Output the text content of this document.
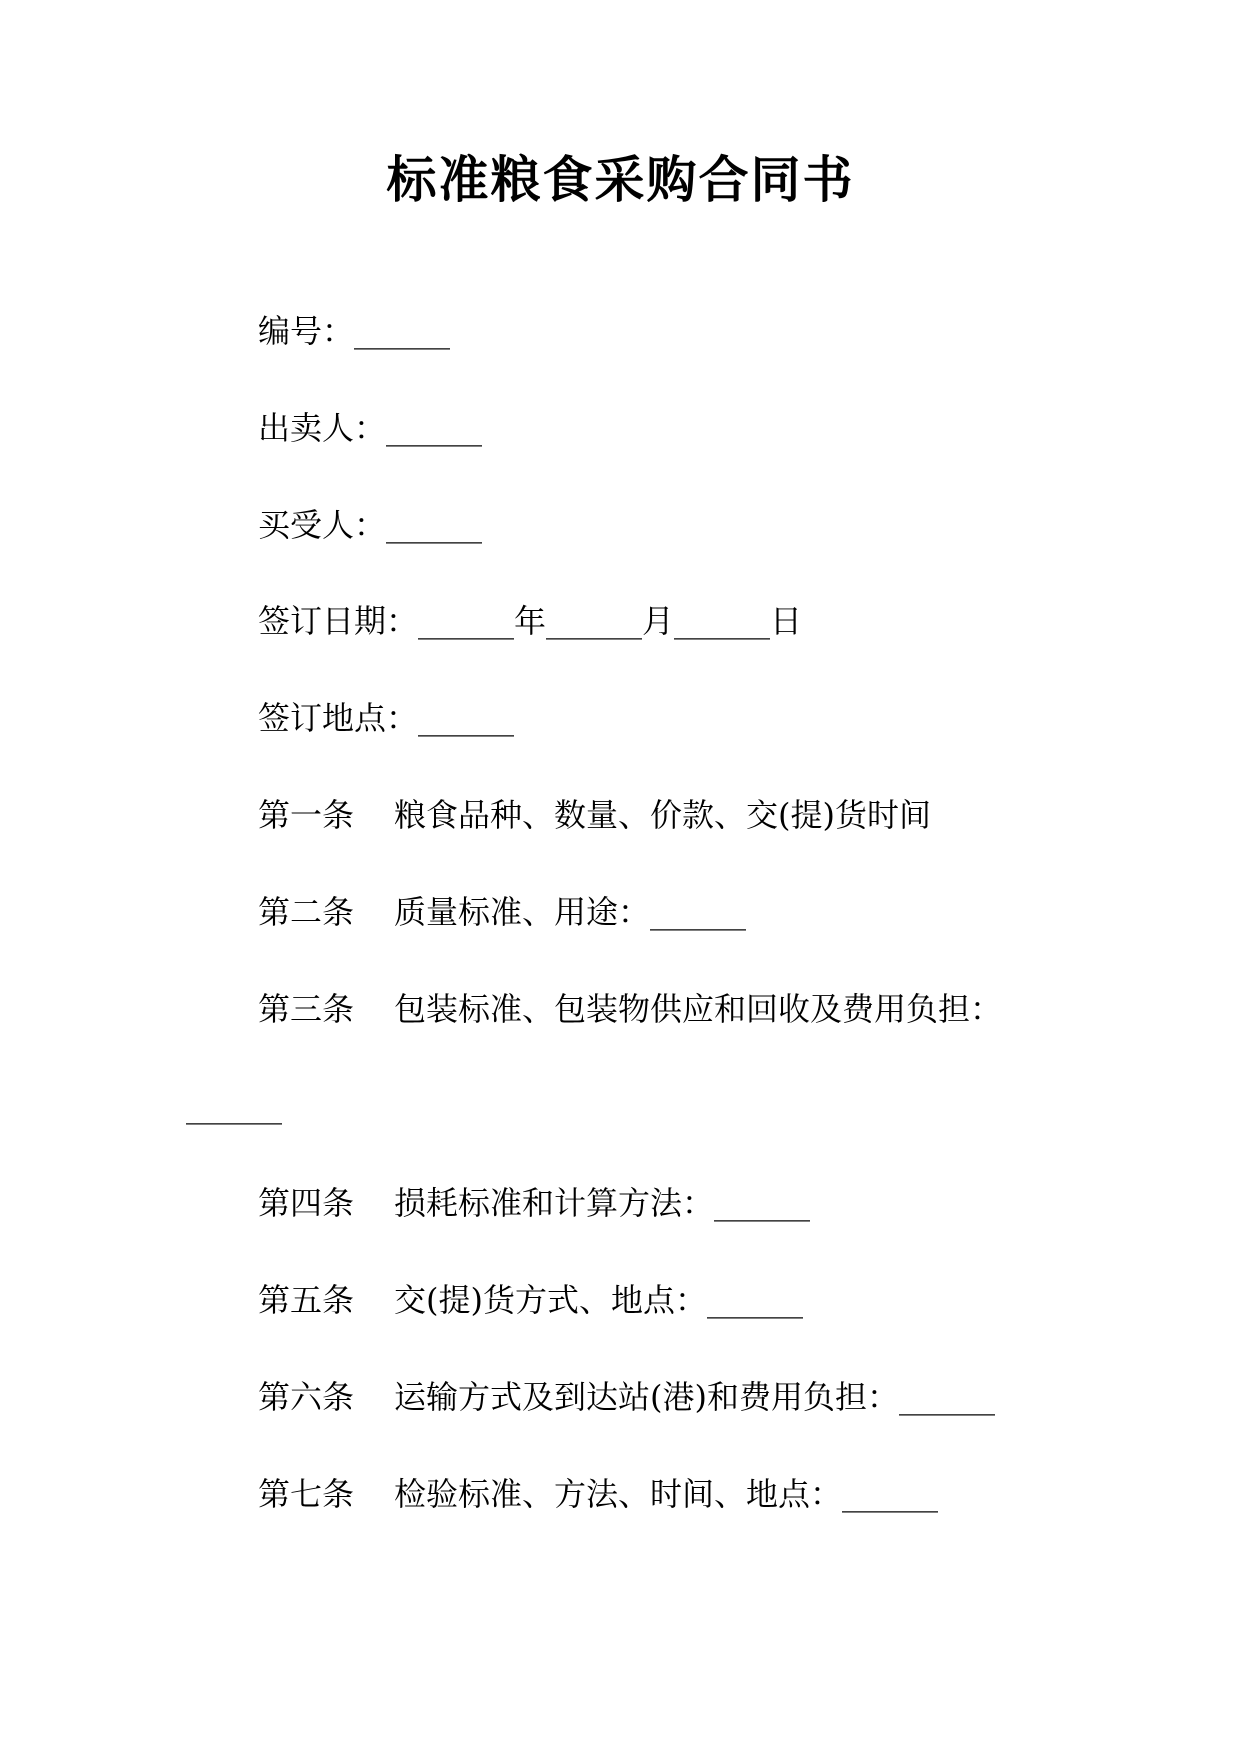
标准粮食采购合同书

编号：______

出卖人：______

买受人：______

签订日期：______年______月______日

签订地点：______

第一条 粮食品种、数量、价款、交(提)货时间

第二条 质量标准、用途：______

第三条 包装标准、包装物供应和回收及费用负担：

______

第四条 损耗标准和计算方法：______

第五条 交(提)货方式、地点：______

第六条 运输方式及到达站(港)和费用负担：______

第七条 检验标准、方法、时间、地点：______
